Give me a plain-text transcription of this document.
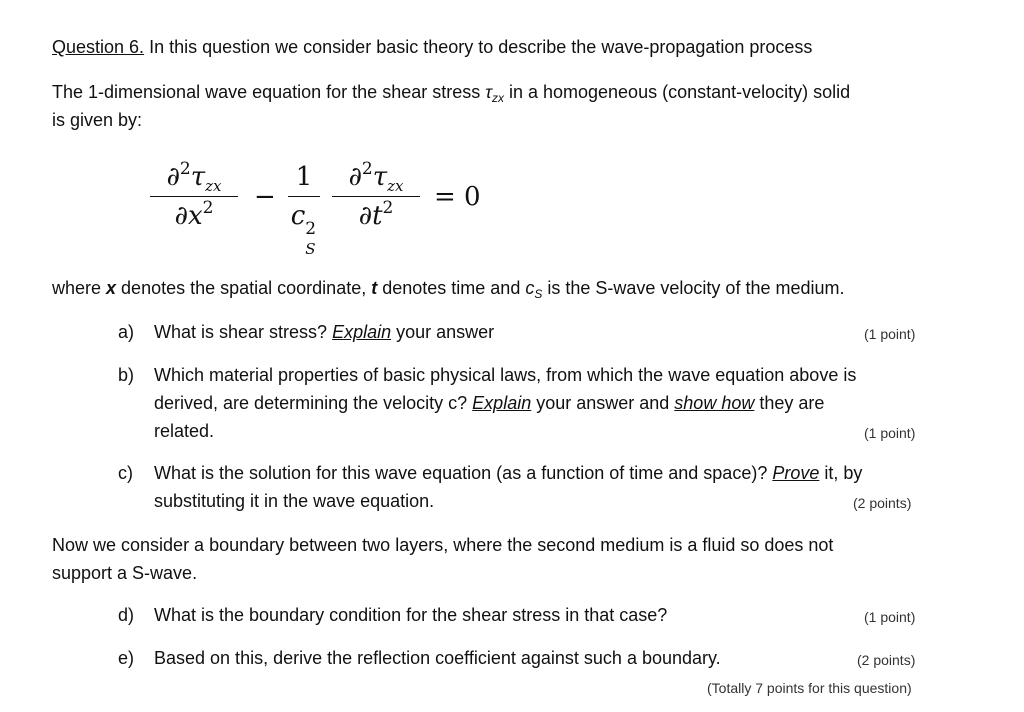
Question 6. In this question we consider basic theory to describe the wave-propagation process
The 1-dimensional wave equation for the shear stress $\tau_{zx}$ in a homogeneous (constant-velocity) solid
is given by:
$\partial^2\tau_{zx}$
$\partial x^2$	−
1
c 2
S
$\partial^2\tau_{zx}$
$\partial t^2$	= 0
where x denotes the spatial coordinate, t denotes time and $c_S$ is the S-wave velocity of the medium.
a)	What is shear stress? Explain your answer	(1 point)
b)	Which material properties of basic physical laws, from which the wave equation above is
derived, are determining the velocity c? Explain your answer and show how they are
related.	(1 point)
c)	What is the solution for this wave equation (as a function of time and space)? Prove it, by
substituting it in the wave equation.	(2 points)
Now we consider a boundary between two layers, where the second medium is a fluid so does not
support a S-wave.
d)	What is the boundary condition for the shear stress in that case?	(1 point)
e)	Based on this, derive the reflection coefficient against such a boundary.	(2 points)
(Totally 7 points for this question)
